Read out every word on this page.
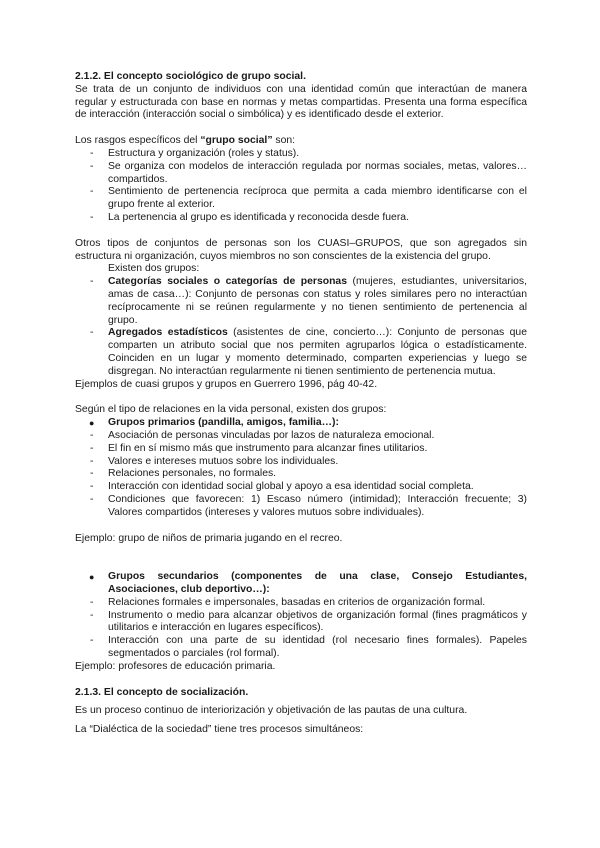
2.1.2. El concepto sociológico de grupo social.

Se trata de un conjunto de individuos con una identidad común que interactúan de manera regular y estructurada con base en normas y metas compartidas. Presenta una forma específica de interacción (interacción social o simbólica) y es identificado desde el exterior.

Los rasgos específicos del “grupo social” son:

- Estructura y organización (roles y status).
- Se organiza con modelos de interacción regulada por normas sociales, metas, valores… compartidos.
- Sentimiento de pertenencia recíproca que permita a cada miembro identificarse con el grupo frente al exterior.
- La pertenencia al grupo es identificada y reconocida desde fuera.

Otros tipos de conjuntos de personas son los CUASI–GRUPOS, que son agregados sin estructura ni organización, cuyos miembros no son conscientes de la existencia del grupo.

Existen dos grupos:

- Categorías sociales o categorías de personas (mujeres, estudiantes, universitarios, amas de casa…): Conjunto de personas con status y roles similares pero no interactúan recíprocamente ni se reúnen regularmente y no tienen sentimiento de pertenencia al grupo.
- Agregados estadísticos (asistentes de cine, concierto…): Conjunto de personas que comparten un atributo social que nos permiten agruparlos lógica o estadísticamente. Coinciden en un lugar y momento determinado, comparten experiencias y luego se disgregan. No interactúan regularmente ni tienen sentimiento de pertenencia mutua.

Ejemplos de cuasi grupos y grupos en Guerrero 1996, pág 40-42.

Según el tipo de relaciones en la vida personal, existen dos grupos:

● Grupos primarios (pandilla, amigos, familia…):
- Asociación de personas vinculadas por lazos de naturaleza emocional.
- El fin en sí mismo más que instrumento para alcanzar fines utilitarios.
- Valores e intereses mutuos sobre los individuales.
- Relaciones personales, no formales.
- Interacción con identidad social global y apoyo a esa identidad social completa.
- Condiciones que favorecen: 1) Escaso número (intimidad); Interacción frecuente; 3) Valores compartidos (intereses y valores mutuos sobre individuales).

Ejemplo: grupo de niños de primaria jugando en el recreo.

● Grupos secundarios (componentes de una clase, Consejo Estudiantes, Asociaciones, club deportivo…):
- Relaciones formales e impersonales, basadas en criterios de organización formal.
- Instrumento o medio para alcanzar objetivos de organización formal (fines pragmáticos y utilitarios e interacción en lugares específicos).
- Interacción con una parte de su identidad (rol necesario fines formales). Papeles segmentados o parciales (rol formal).

Ejemplo: profesores de educación primaria.

2.1.3. El concepto de socialización.

Es un proceso continuo de interiorización y objetivación de las pautas de una cultura.

La “Dialéctica de la sociedad” tiene tres procesos simultáneos:
